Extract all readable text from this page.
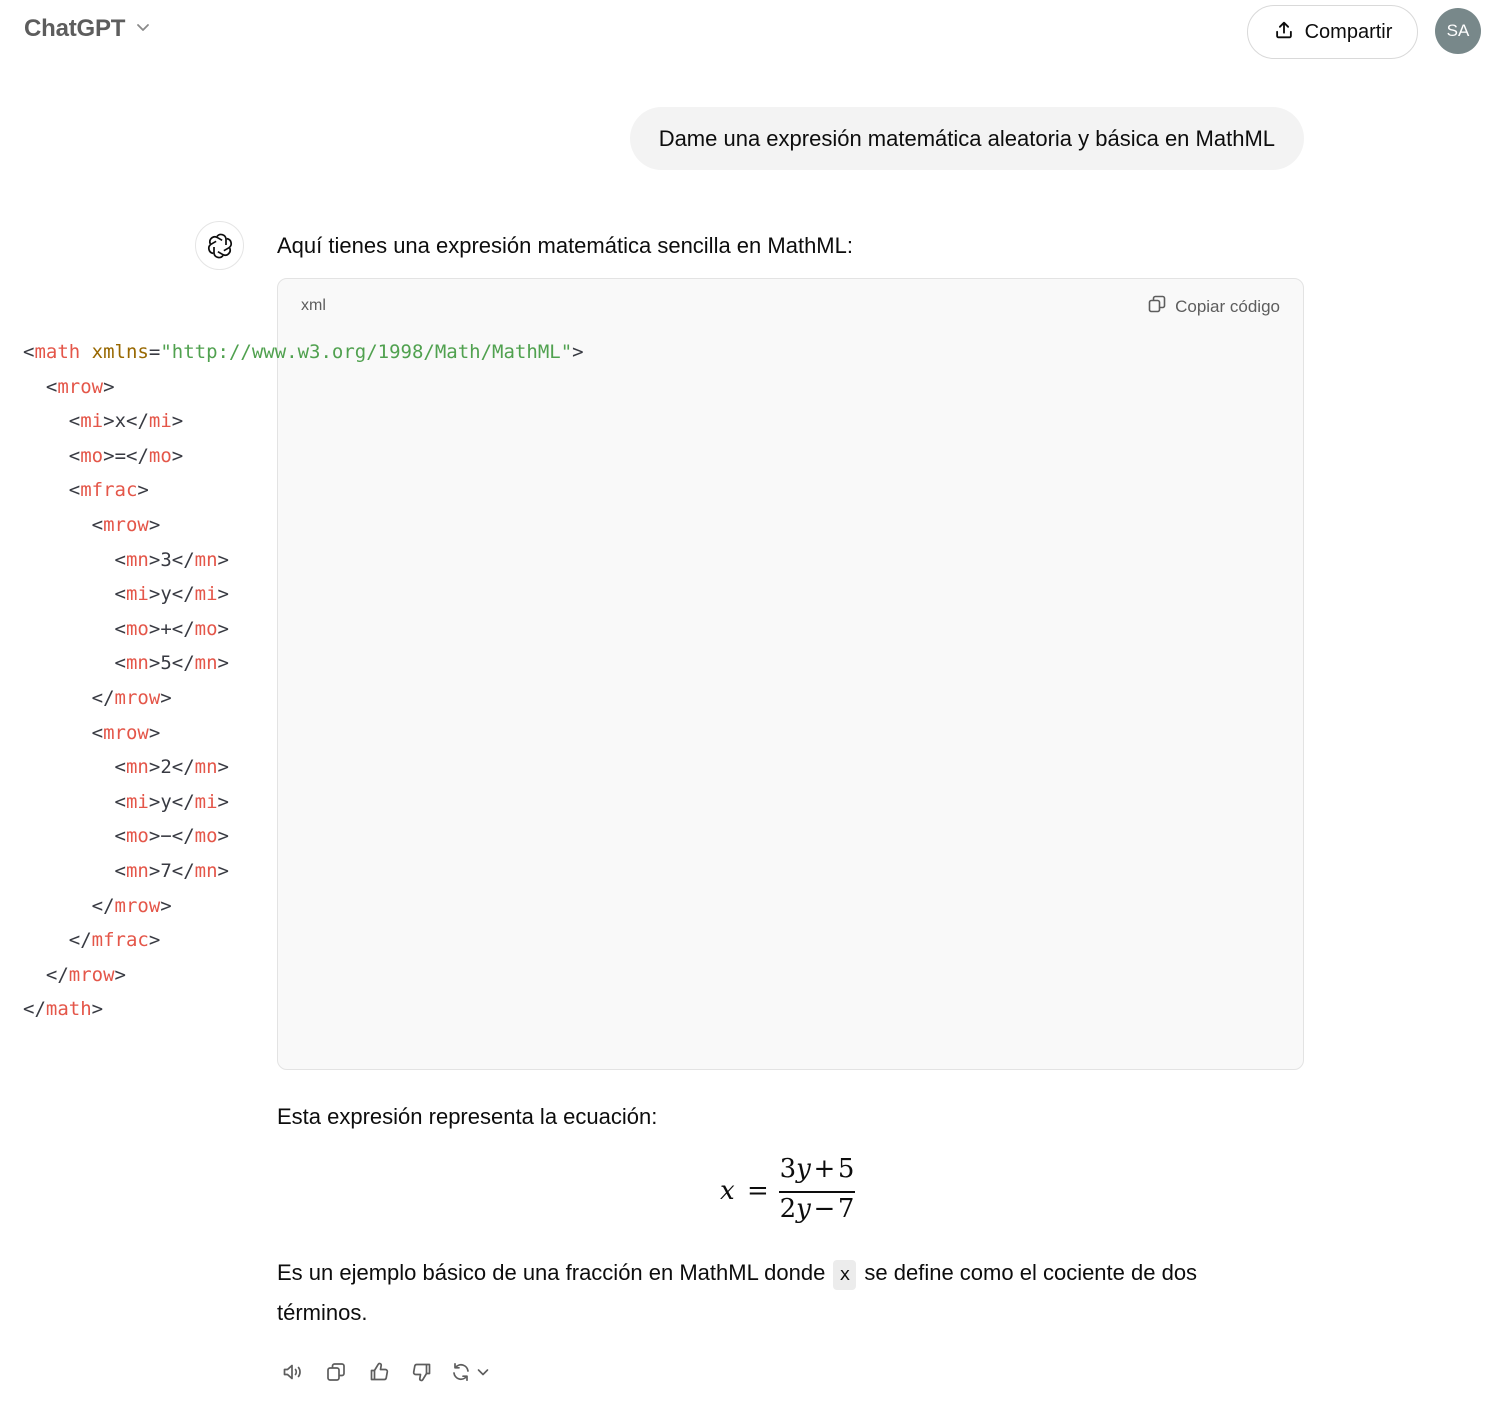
ChatGPT	Compartir	SA
Dame una expresión matemática aleatoria y básica en MathML
Aquí tienes una expresión matemática sencilla en MathML:
xml	Copiar código
<math xmlns="http://www.w3.org/1998/Math/MathML">
<mrow>
<mi>x</mi>
<mo>=</mo>
<mfrac>
<mrow>
<mn>3</mn>
<mi>y</mi>
<mo>+</mo>
<mn>5</mn>
</mrow>
<mrow>
<mn>2</mn>
<mi>y</mi>
<mo>−</mo>
<mn>7</mn>
</mrow>
</mfrac>
</mrow>
</math>
Esta expresión representa la ecuación:
x =
3y + 5
2y − 7
Es un ejemplo básico de una fracción en MathML donde x se define como el cociente de dos términos.
